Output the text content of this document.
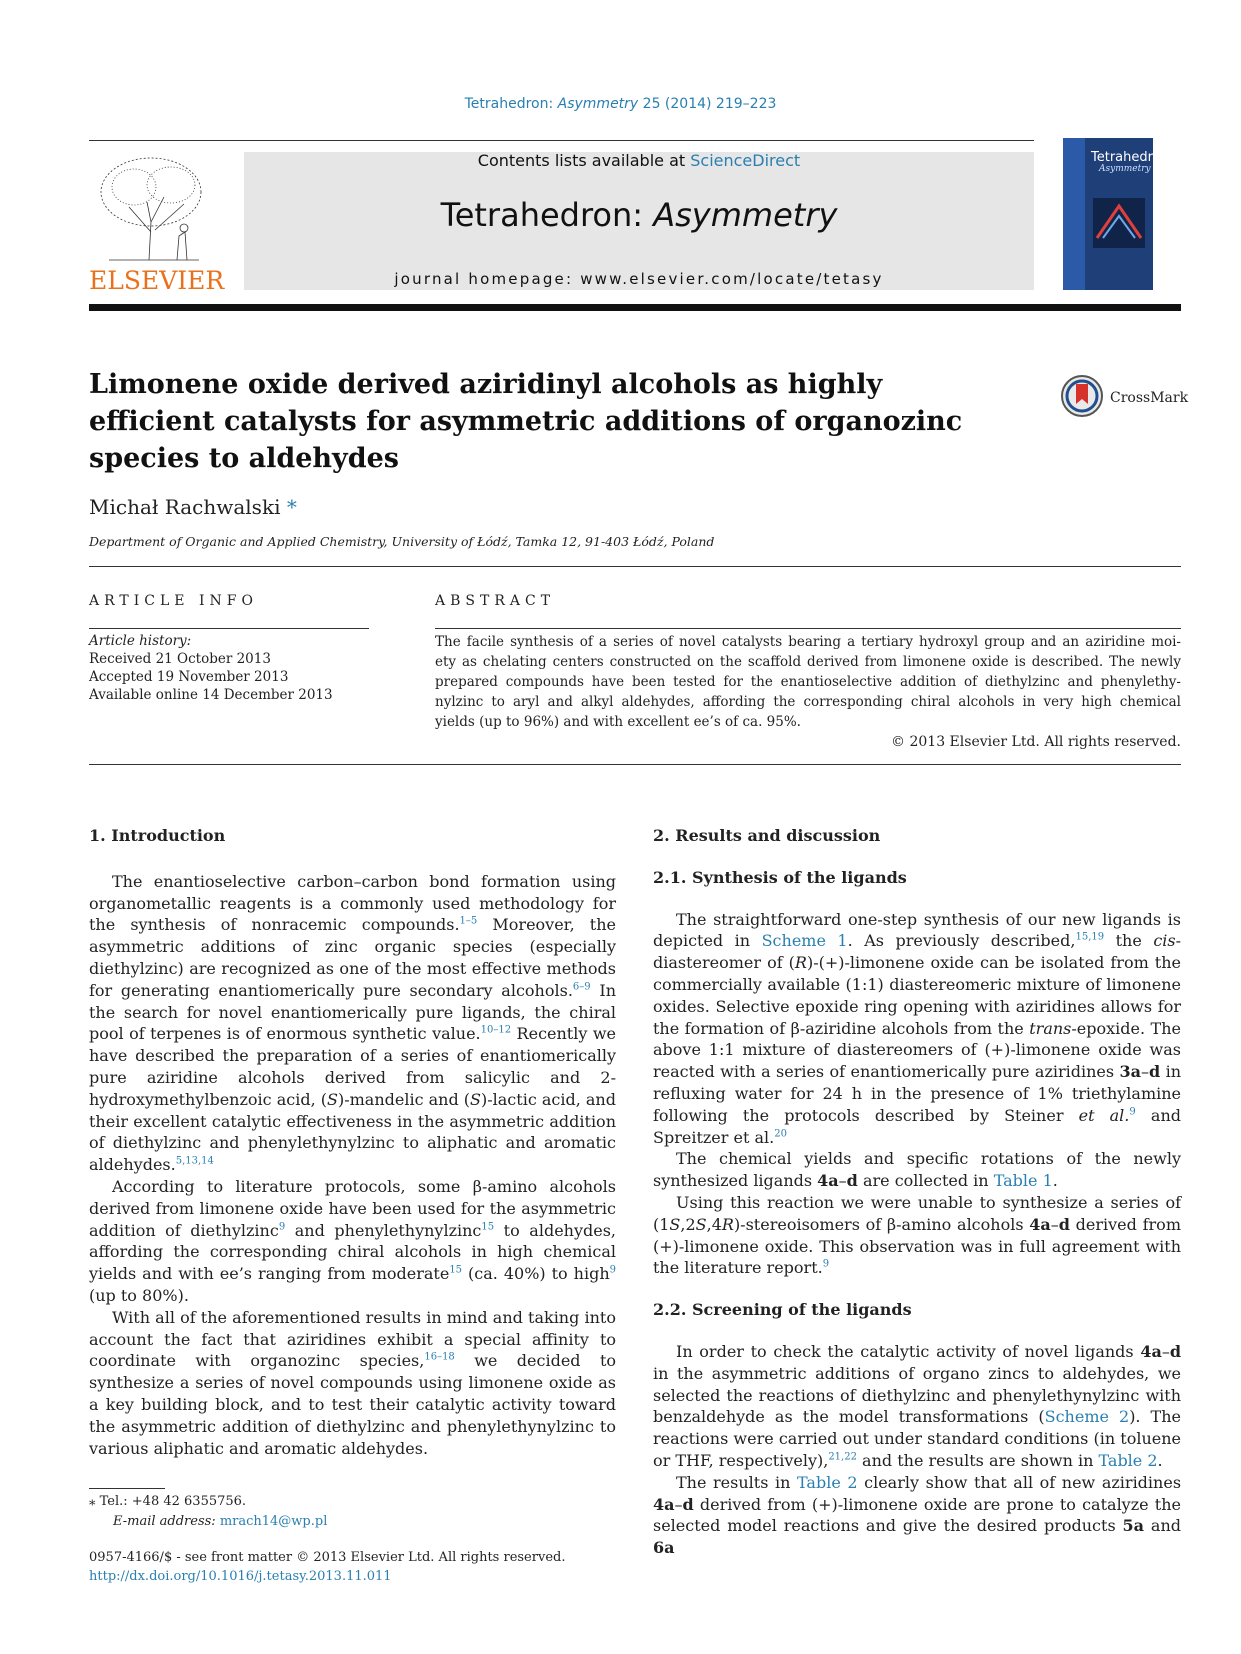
Tetrahedron: Asymmetry 25 (2014) 219–223
ELSEVIER
Contents lists available at ScienceDirect
Tetrahedron: Asymmetry
journal homepage: www.elsevier.com/locate/tetasy
Tetrahedron:
Asymmetry
Limonene oxide derived aziridinyl alcohols as highly efficient catalysts for asymmetric additions of organozinc species to aldehydes
CrossMark
Michał Rachwalski *
Department of Organic and Applied Chemistry, University of Łódź, Tamka 12, 91-403 Łódź, Poland
ARTICLE INFO
Article history:
Received 21 October 2013
Accepted 19 November 2013
Available online 14 December 2013
ABSTRACT
The facile synthesis of a series of novel catalysts bearing a tertiary hydroxyl group and an aziridine moi-
ety as chelating centers constructed on the scaffold derived from limonene oxide is described. The newly
prepared compounds have been tested for the enantioselective addition of diethylzinc and phenylethy-
nylzinc to aryl and alkyl aldehydes, affording the corresponding chiral alcohols in very high chemical
yields (up to 96%) and with excellent ee’s of ca. 95%.
© 2013 Elsevier Ltd. All rights reserved.

1. Introduction

The enantioselective carbon–carbon bond formation using organometallic reagents is a commonly used methodology for the synthesis of nonracemic compounds.$^{1-5}$ Moreover, the asymmetric additions of zinc organic species (especially diethylzinc) are recognized as one of the most effective methods for generating enantiomerically pure secondary alcohols.$^{6-9}$ In the search for novel enantiomerically pure ligands, the chiral pool of terpenes is of enormous synthetic value.$^{10-12}$ Recently we have described the preparation of a series of enantiomerically pure aziridine alcohols derived from salicylic and 2-hydroxymethylbenzoic acid, (S)-mandelic and (S)-lactic acid, and their excellent catalytic effectiveness in the asymmetric addition of diethylzinc and phenylethynylzinc to aliphatic and aromatic aldehydes.$^{5,13,14}$

According to literature protocols, some β-amino alcohols derived from limonene oxide have been used for the asymmetric addition of diethylzinc$^9$ and phenylethynylzinc$^{15}$ to aldehydes, affording the corresponding chiral alcohols in high chemical yields and with ee’s ranging from moderate$^{15}$ (ca. 40%) to high$^9$ (up to 80%).

With all of the aforementioned results in mind and taking into account the fact that aziridines exhibit a special affinity to coordinate with organozinc species,$^{16-18}$ we decided to synthesize a series of novel compounds using limonene oxide as a key building block, and to test their catalytic activity toward the asymmetric addition of diethylzinc and phenylethynylzinc to various aliphatic and aromatic aldehydes.

2. Results and discussion

2.1. Synthesis of the ligands

The straightforward one-step synthesis of our new ligands is depicted in Scheme 1. As previously described,$^{15,19}$ the cis-diastereomer of (R)-(+)-limonene oxide can be isolated from the commercially available (1:1) diastereomeric mixture of limonene oxides. Selective epoxide ring opening with aziridines allows for the formation of β-aziridine alcohols from the trans-epoxide. The above 1:1 mixture of diastereomers of (+)-limonene oxide was reacted with a series of enantiomerically pure aziridines 3a–d in refluxing water for 24 h in the presence of 1% triethylamine following the protocols described by Steiner et al.$^9$ and Spreitzer et al.$^{20}$

The chemical yields and specific rotations of the newly synthesized ligands 4a–d are collected in Table 1.

Using this reaction we were unable to synthesize a series of (1S,2S,4R)-stereoisomers of β-amino alcohols 4a–d derived from (+)-limonene oxide. This observation was in full agreement with the literature report.$^9$

2.2. Screening of the ligands

In order to check the catalytic activity of novel ligands 4a–d in the asymmetric additions of organo zincs to aldehydes, we selected the reactions of diethylzinc and phenylethynylzinc with benzaldehyde as the model transformations (Scheme 2). The reactions were carried out under standard conditions (in toluene or THF, respectively),$^{21,22}$ and the results are shown in Table 2.

The results in Table 2 clearly show that all of new aziridines 4a–d derived from (+)-limonene oxide are prone to catalyze the selected model reactions and give the desired products 5a and 6a

⁎ Tel.: +48 42 6355756.
E-mail address: mrach14@wp.pl
0957-4166/$ - see front matter © 2013 Elsevier Ltd. All rights reserved.
http://dx.doi.org/10.1016/j.tetasy.2013.11.011
